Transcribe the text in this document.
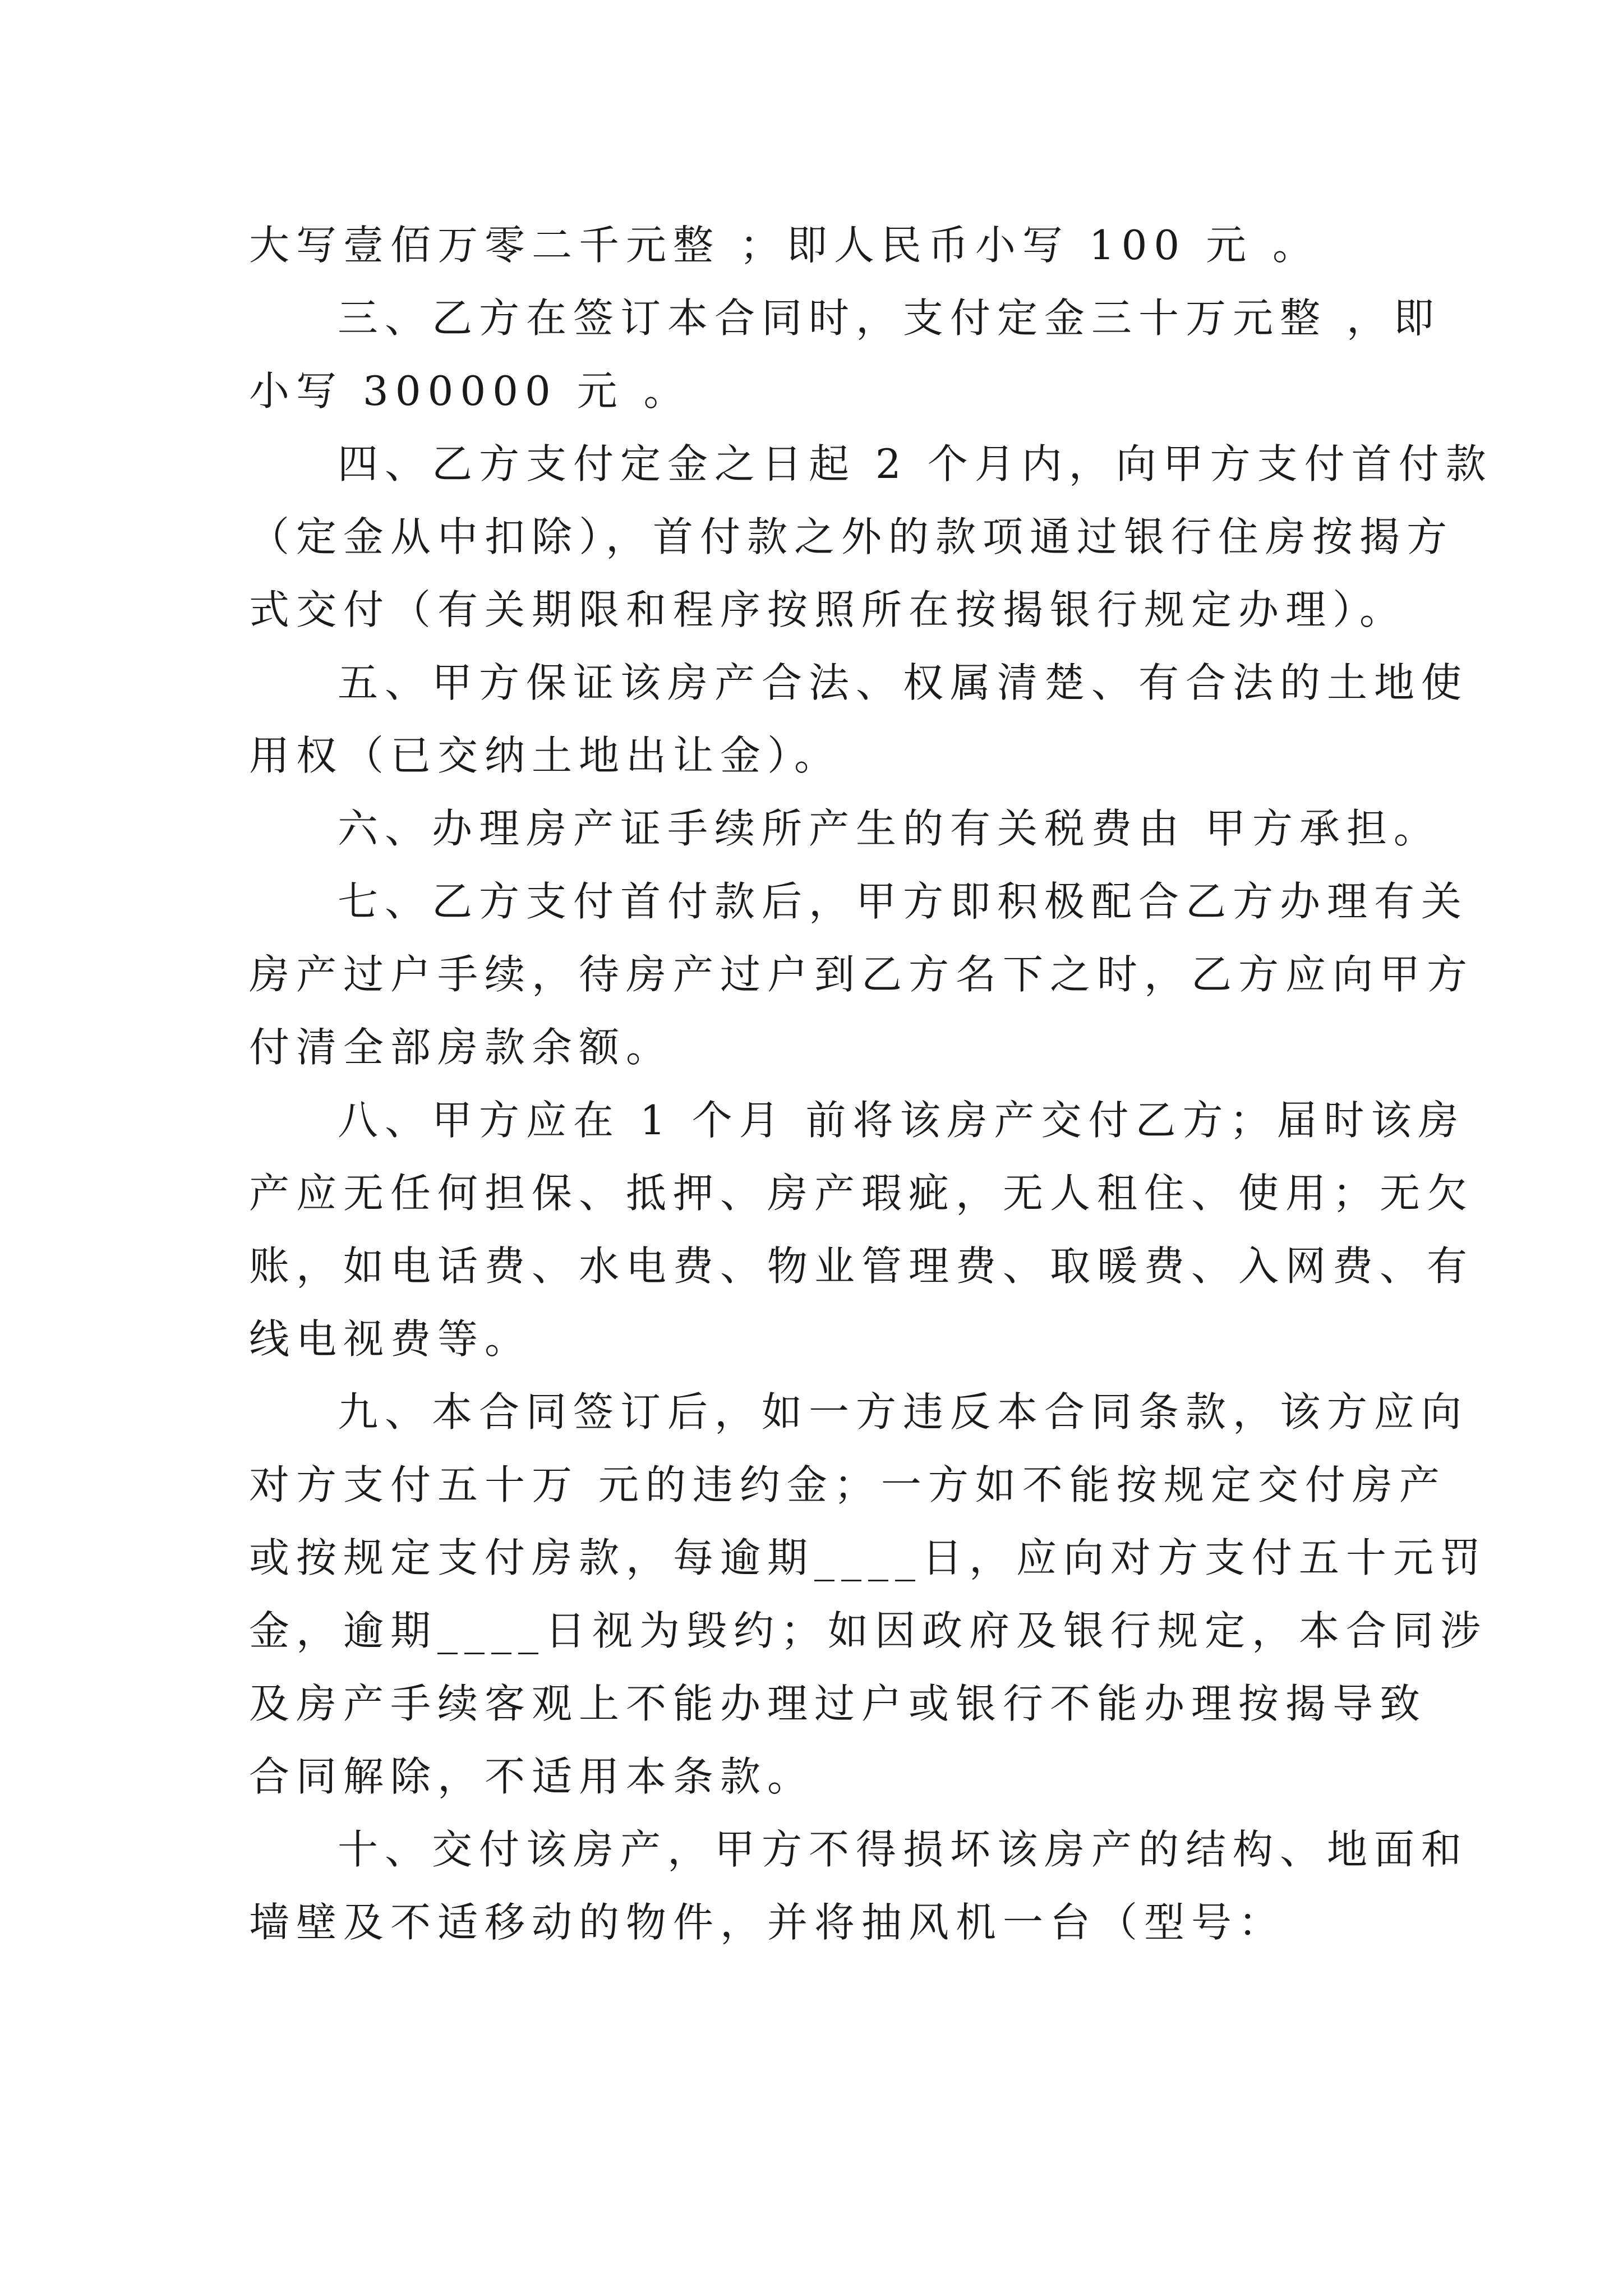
大写壹佰万零二千元整 ；即人民币小写 100 元 。

三、乙方在签订本合同时，支付定金三十万元整 ，即
小写 300000 元 。

四、乙方支付定金之日起 2 个月内，向甲方支付首付款
（定金从中扣除），首付款之外的款项通过银行住房按揭方
式交付（有关期限和程序按照所在按揭银行规定办理）。

五、甲方保证该房产合法、权属清楚、有合法的土地使
用权（已交纳土地出让金）。

六、办理房产证手续所产生的有关税费由 甲方承担。

七、乙方支付首付款后，甲方即积极配合乙方办理有关
房产过户手续，待房产过户到乙方名下之时，乙方应向甲方
付清全部房款余额。

八、甲方应在 1 个月 前将该房产交付乙方；届时该房
产应无任何担保、抵押、房产瑕疵，无人租住、使用；无欠
账，如电话费、水电费、物业管理费、取暖费、入网费、有
线电视费等。

九、本合同签订后，如一方违反本合同条款，该方应向
对方支付五十万 元的违约金；一方如不能按规定交付房产
或按规定支付房款，每逾期____日，应向对方支付五十元罚
金，逾期____日视为毁约；如因政府及银行规定，本合同涉
及房产手续客观上不能办理过户或银行不能办理按揭导致
合同解除，不适用本条款。

十、交付该房产，甲方不得损坏该房产的结构、地面和
墙壁及不适移动的物件，并将抽风机一台（型号：
